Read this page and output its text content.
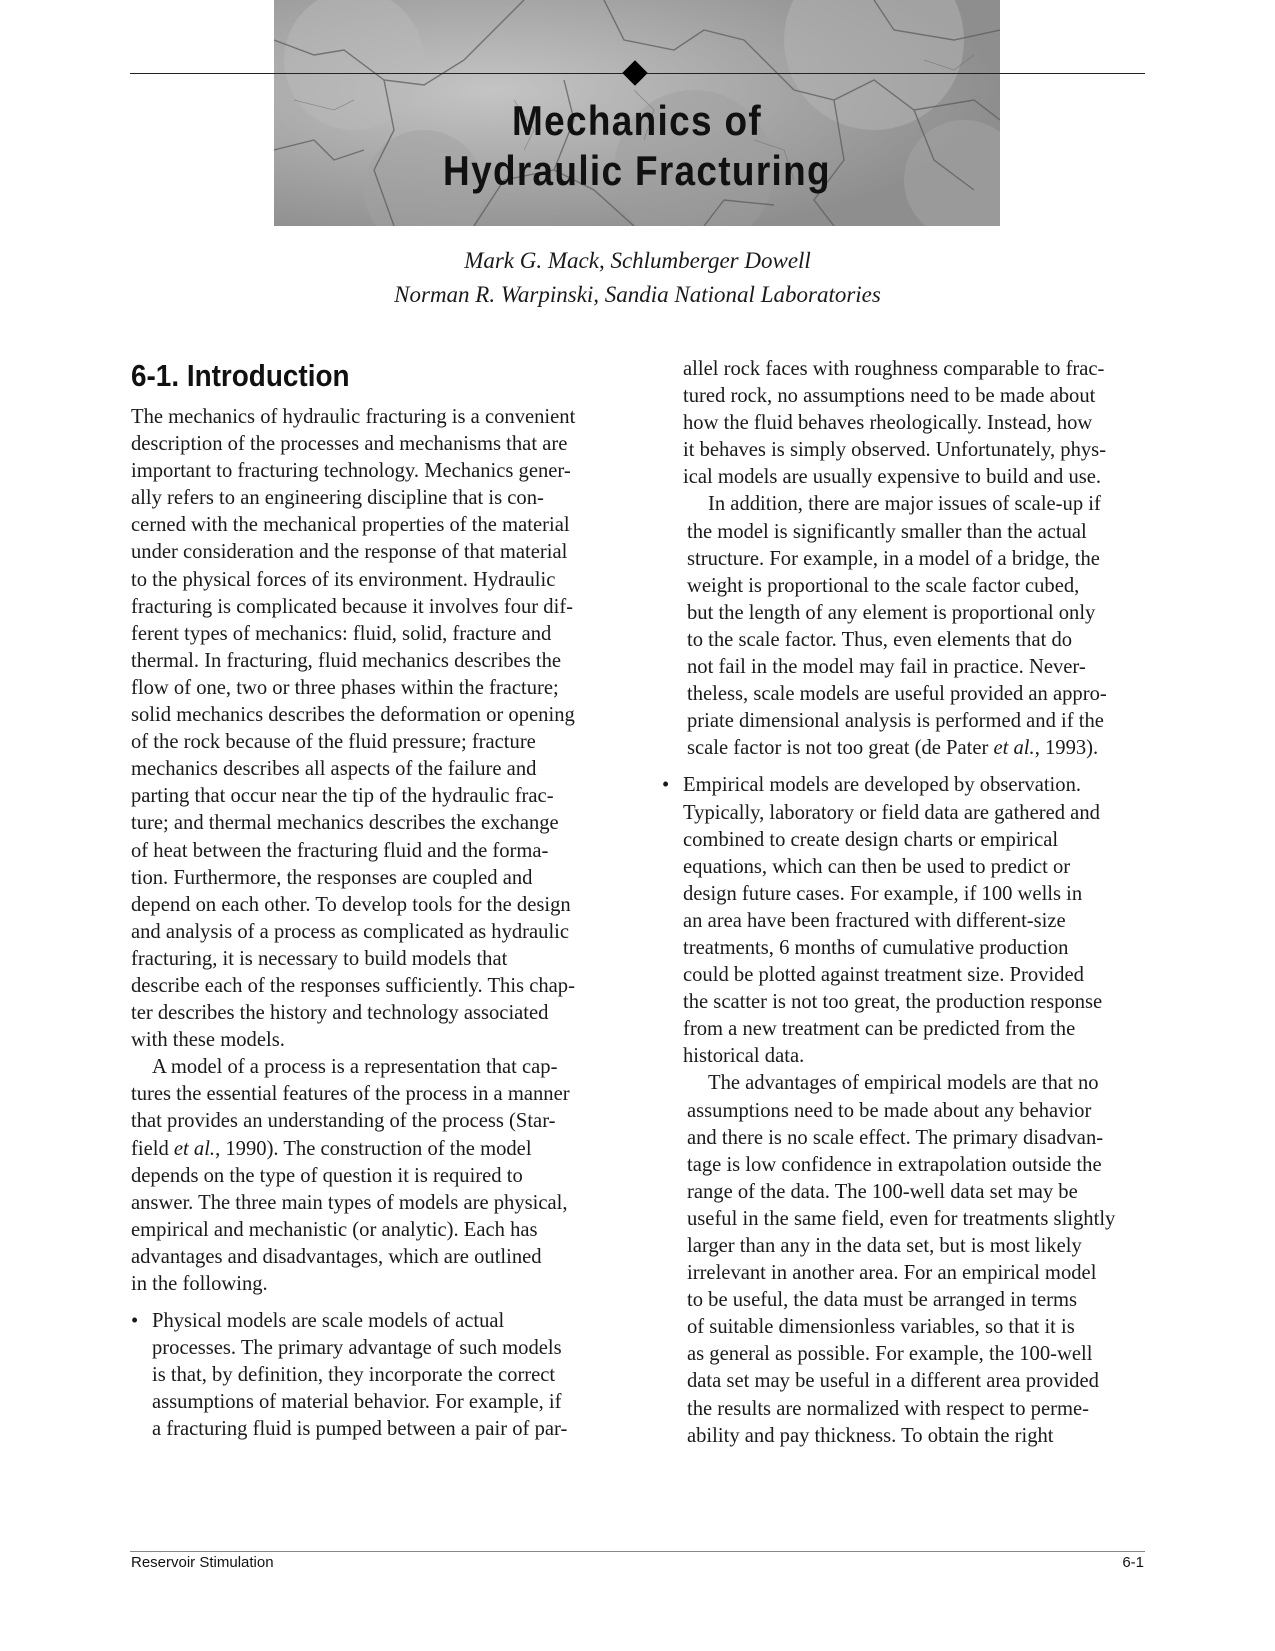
Mechanics of
Hydraulic Fracturing
Mark G. Mack, Schlumberger Dowell
Norman R. Warpinski, Sandia National Laboratories
6-1. Introduction

The mechanics of hydraulic fracturing is a convenient

description of the processes and mechanisms that are

important to fracturing technology. Mechanics gener-

ally refers to an engineering discipline that is con-

cerned with the mechanical properties of the material

under consideration and the response of that material

to the physical forces of its environment. Hydraulic

fracturing is complicated because it involves four dif-

ferent types of mechanics: fluid, solid, fracture and

thermal. In fracturing, fluid mechanics describes the

flow of one, two or three phases within the fracture;

solid mechanics describes the deformation or opening

of the rock because of the fluid pressure; fracture

mechanics describes all aspects of the failure and

parting that occur near the tip of the hydraulic frac-

ture; and thermal mechanics describes the exchange

of heat between the fracturing fluid and the forma-

tion. Furthermore, the responses are coupled and

depend on each other. To develop tools for the design

and analysis of a process as complicated as hydraulic

fracturing, it is necessary to build models that

describe each of the responses sufficiently. This chap-

ter describes the history and technology associated

with these models.

A model of a process is a representation that cap-

tures the essential features of the process in a manner

that provides an understanding of the process (Star-

field et al., 1990). The construction of the model

depends on the type of question it is required to

answer. The three main types of models are physical,

empirical and mechanistic (or analytic). Each has

advantages and disadvantages, which are outlined

in the following.

• Physical models are scale models of actual

processes. The primary advantage of such models

is that, by definition, they incorporate the correct

assumptions of material behavior. For example, if

a fracturing fluid is pumped between a pair of par-

allel rock faces with roughness comparable to frac-

tured rock, no assumptions need to be made about

how the fluid behaves rheologically. Instead, how

it behaves is simply observed. Unfortunately, phys-

ical models are usually expensive to build and use.

In addition, there are major issues of scale-up if

the model is significantly smaller than the actual

structure. For example, in a model of a bridge, the

weight is proportional to the scale factor cubed,

but the length of any element is proportional only

to the scale factor. Thus, even elements that do

not fail in the model may fail in practice. Never-

theless, scale models are useful provided an appro-

priate dimensional analysis is performed and if the

scale factor is not too great (de Pater et al., 1993).

• Empirical models are developed by observation.

Typically, laboratory or field data are gathered and

combined to create design charts or empirical

equations, which can then be used to predict or

design future cases. For example, if 100 wells in

an area have been fractured with different-size

treatments, 6 months of cumulative production

could be plotted against treatment size. Provided

the scatter is not too great, the production response

from a new treatment can be predicted from the

historical data.

The advantages of empirical models are that no

assumptions need to be made about any behavior

and there is no scale effect. The primary disadvan-

tage is low confidence in extrapolation outside the

range of the data. The 100-well data set may be

useful in the same field, even for treatments slightly

larger than any in the data set, but is most likely

irrelevant in another area. For an empirical model

to be useful, the data must be arranged in terms

of suitable dimensionless variables, so that it is

as general as possible. For example, the 100-well

data set may be useful in a different area provided

the results are normalized with respect to perme-

ability and pay thickness. To obtain the right

Reservoir Stimulation	6-1
